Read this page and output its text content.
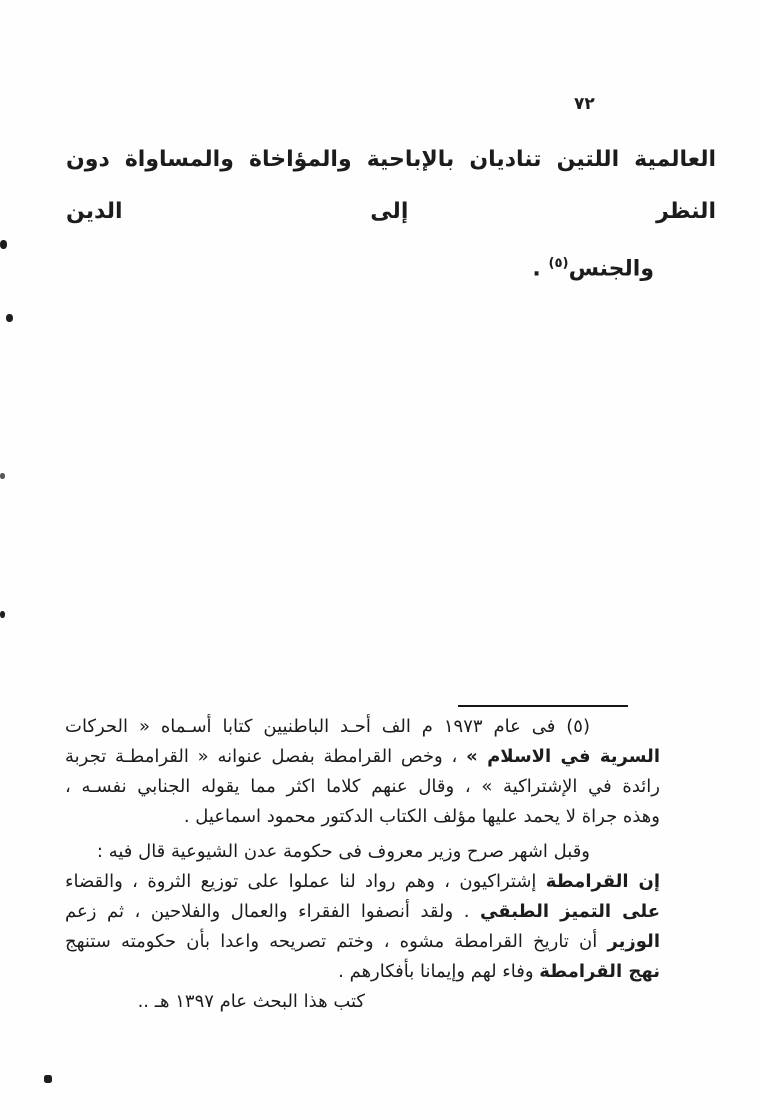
٧٢
العالمية اللتين تناديان بالإباحية والمؤاخاة والمساواة دون النظر إلى الدين
والجنس$^{(٥)}$ .
(٥) فى عام ١٩٧٣ م الف أحـد الباطنيين كتابا أسـماه « الحركات
السرية في الاسلام » ، وخص القرامطة بفصل عنوانه « القرامطـة تجربة
رائدة في الإشتراكية » ، وقال عنهم كلاما اكثر مما يقوله الجنابي نفسـه ،
وهذه جراة لا يحمد عليها مؤلف الكتاب الدكتور محمود اسماعيل .
وقبل اشهر صرح وزير معروف فى حكومة عدن الشيوعية قال فيه :
إن القرامطة إشتراكيون ، وهم رواد لنا عملوا على توزيع الثروة ، والقضاء
على التميز الطبقي . ولقد أنصفوا الفقراء والعمال والفلاحين ، ثم زعم
الوزير أن تاريخ القرامطة مشوه ، وختم تصريحه واعدا بأن حكومته ستنهج
نهج القرامطة وفاء لهم وإيمانا بأفكارهم .
كتب هذا البحث عام ١٣٩٧ هـ ..
